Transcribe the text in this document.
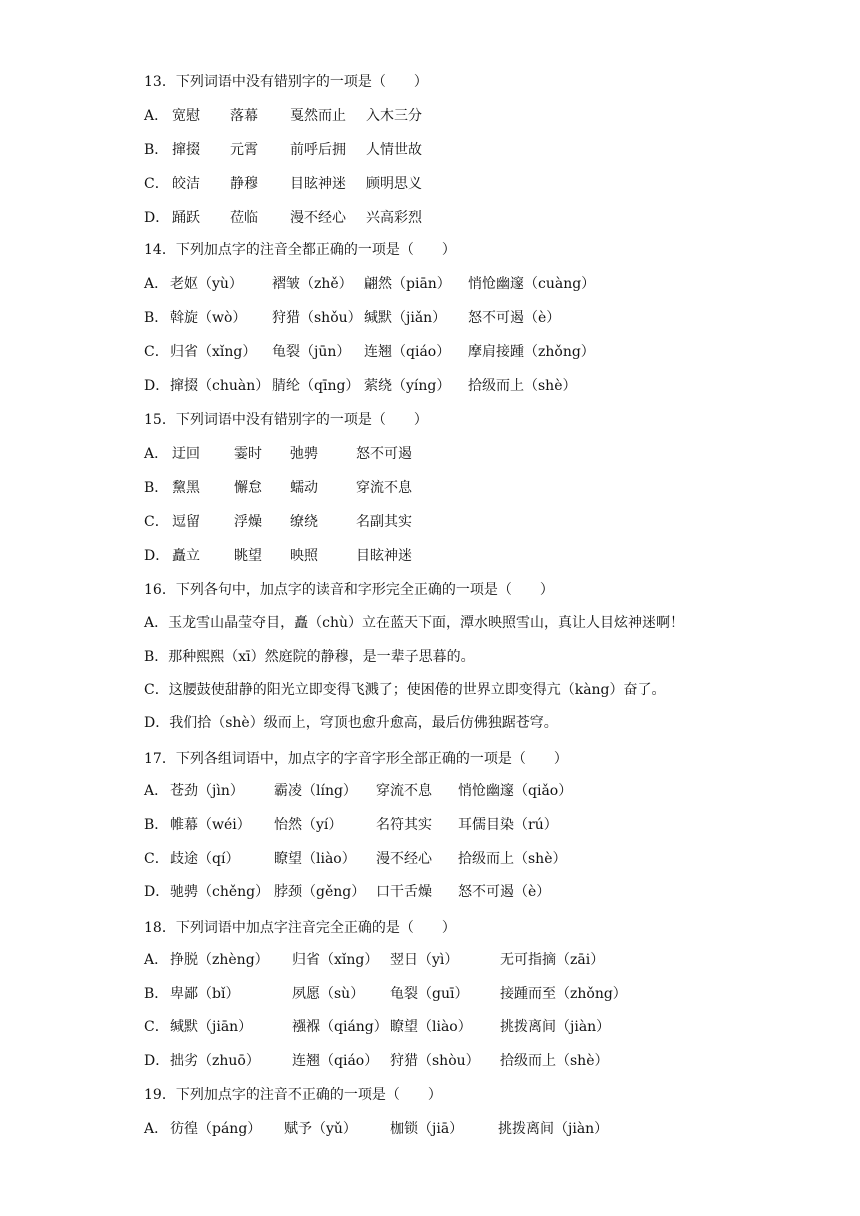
13．下列词语中没有错别字的一项是（　　）
A． 宽慰 落幕 戛然而止 入木三分
B． 撺掇 元霄 前呼后拥 人情世故
C． 皎洁 静穆 目眩神迷 顾明思义
D． 踊跃 莅临 漫不经心 兴高彩烈
14．下列加点字的注音全都正确的一项是（　　）
A． 老妪（yù） 褶皱（zhě） 翩然（piān） 悄怆幽邃（cuàng）
B． 斡旋（wò） 狩猎（shǒu） 缄默（jiǎn） 怒不可遏（è）
C． 归省（xǐng） 龟裂（jūn） 连翘（qiáo） 摩肩接踵（zhǒng）
D． 撺掇（chuàn） 腈纶（qīng） 萦绕（yíng） 拾级而上（shè）
15．下列词语中没有错别字的一项是（　　）
A． 迂回 霎时 弛骋	怒不可遏
B． 黧黑 懈怠 蠕动	穿流不息
C． 逗留 浮燥 缭绕	名副其实
D． 矗立 眺望 映照	目眩神迷
16．下列各句中，加点字的读音和字形完全正确的一项是（　　）
A．玉龙雪山晶莹夺目，矗（chù）立在蓝天下面，潭水映照雪山，真让人目炫神迷啊！
B．那种熙熙（xī）然庭院的静穆，是一辈子思暮的。
C．这腰鼓使甜静的阳光立即变得飞溅了；使困倦的世界立即变得亢（kàng）奋了。
D．我们拾（shè）级而上，穹顶也愈升愈高，最后仿佛独踞苍穹。
17．下列各组词语中，加点字的字音字形全部正确的一项是（　　）
A． 苍劲（jìn） 霸凌（líng） 穿流不息 悄怆幽邃（qiǎo）
B． 帷幕（wéi） 怡然（yí） 名符其实 耳儒目染（rú）
C． 歧途（qí） 瞭望（liào） 漫不经心 拾级而上（shè）
D． 驰骋（chěng） 脖颈（gěng） 口干舌燥 怒不可遏（è）
18．下列词语中加点字注音完全正确的是（　　）
A． 挣脱（zhèng） 归省（xǐng） 翌日（yì）	无可指摘（zāi）
B． 卑鄙（bǐ）	夙愿（sù） 龟裂（guī） 接踵而至（zhǒng）
C． 缄默（jiān）	襁褓（qiáng） 瞭望（liào） 挑拨离间（jiàn）
D． 拙劣（zhuō） 连翘（qiáo） 狩猎（shòu） 拾级而上（shè）
19．下列加点字的注音不正确的一项是（　　）
A． 彷徨（páng） 赋予（yǔ） 枷锁（jiā） 挑拨离间（jiàn）
